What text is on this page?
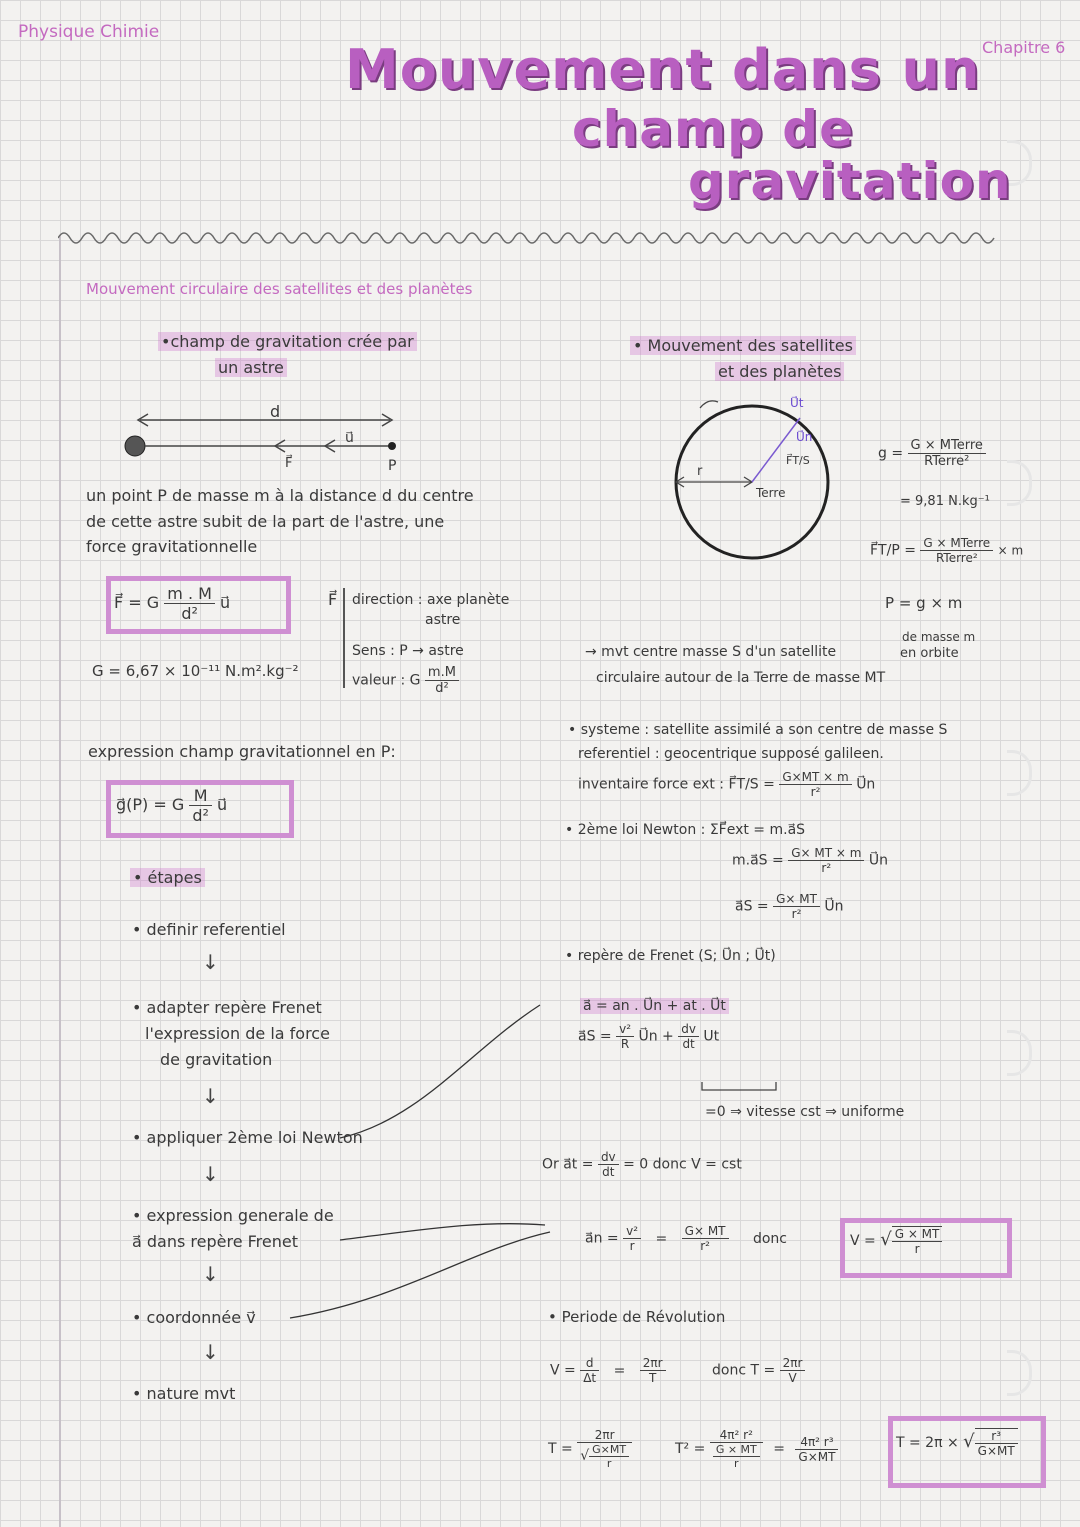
Physique Chimie
Chapitre 6
Mouvement dans un
champ de
gravitation
Mouvement circulaire des satellites et des planètes
•champ de gravitation crée par
un astre
d
u⃗
F⃗	P
un point P de masse m à la distance d du centre
de cette astre subit de la part de l'astre, une
force gravitationnelle
F⃗ = G $\frac{m . M}{\text{d²}}$ u⃗	F⃗ direction : axe planète
astre
Sens : P → astre
valeur : G $\frac{m.M}{\text{d²}}$
G = 6,67 × 10⁻¹¹ N.m².kg⁻²
expression champ gravitationnel en P:
g⃗(P) = G $\frac{M}{\text{d²}}$ u⃗
• étapes
• definir referentiel
↓
• adapter repère Frenet
l'expression de la force
de gravitation
↓
• appliquer 2ème loi Newton
↓
• expression generale de
a⃗ dans repère Frenet
↓
• coordonnée v⃗
↓
• nature mvt
• Mouvement des satellites
et des planètes
r
Terre
U⃗t
U⃗n
F⃗T/S	$g = \frac{\text{G × MTerre}}{\text{RTerre²}}$
= 9,81 N.kg⁻¹
F⃗T/P = $\frac{\text{G × MTerre}}{\text{RTerre²}} \times m$
P = g × m
de masse m
en orbite
→ mvt centre masse S d'un satellite
circulaire autour de la Terre de masse MT
• systeme : satellite assimilé a son centre de masse S
referentiel : geocentrique supposé galileen.
inventaire force ext : F⃗T/S = $\frac{G\times MT \times m}{\text{r²}}$ U⃗n
• 2ème loi Newton : ΣF⃗ext = m.a⃗S
m.a⃗S = $\frac{G\times MT \times m}{\text{r²}}$ U⃗n
a⃗S = $\frac{G\times MT}{\text{r²}}$ U⃗n
• repère de Frenet (S; U⃗n ; U⃗t)
a⃗ = an . U⃗n + at . U⃗t
a⃗S = $\frac{\text{v²}}{R}$ U⃗n + $\frac{dv}{dt}$ Ut
=0 ⇒ vitesse cst ⇒ uniforme
Or a⃗t = $\frac{dv}{dt} = 0$ donc V = cst
a⃗n = $\frac{\text{v²}}{r} = \frac{G\times MT}{\text{r²}}$ donc	V = √ $\frac{G \times MT}{r}$
• Periode de Révolution
$V = \frac{d}{\Delta t} = \frac{2\pi r}{T}$	donc $T = \frac{2\pi r}{V}$
$T = \frac{2\pi r}{√ \frac{G\times MT}{r}}$	$T^2 = \frac{\text{4π² r²}}{\frac{G \times MT}{r}} = \frac{\text{4π² r³}}{G\times MT}$	T = 2π × √ $\frac{\text{r³}}{G\times MT}$
